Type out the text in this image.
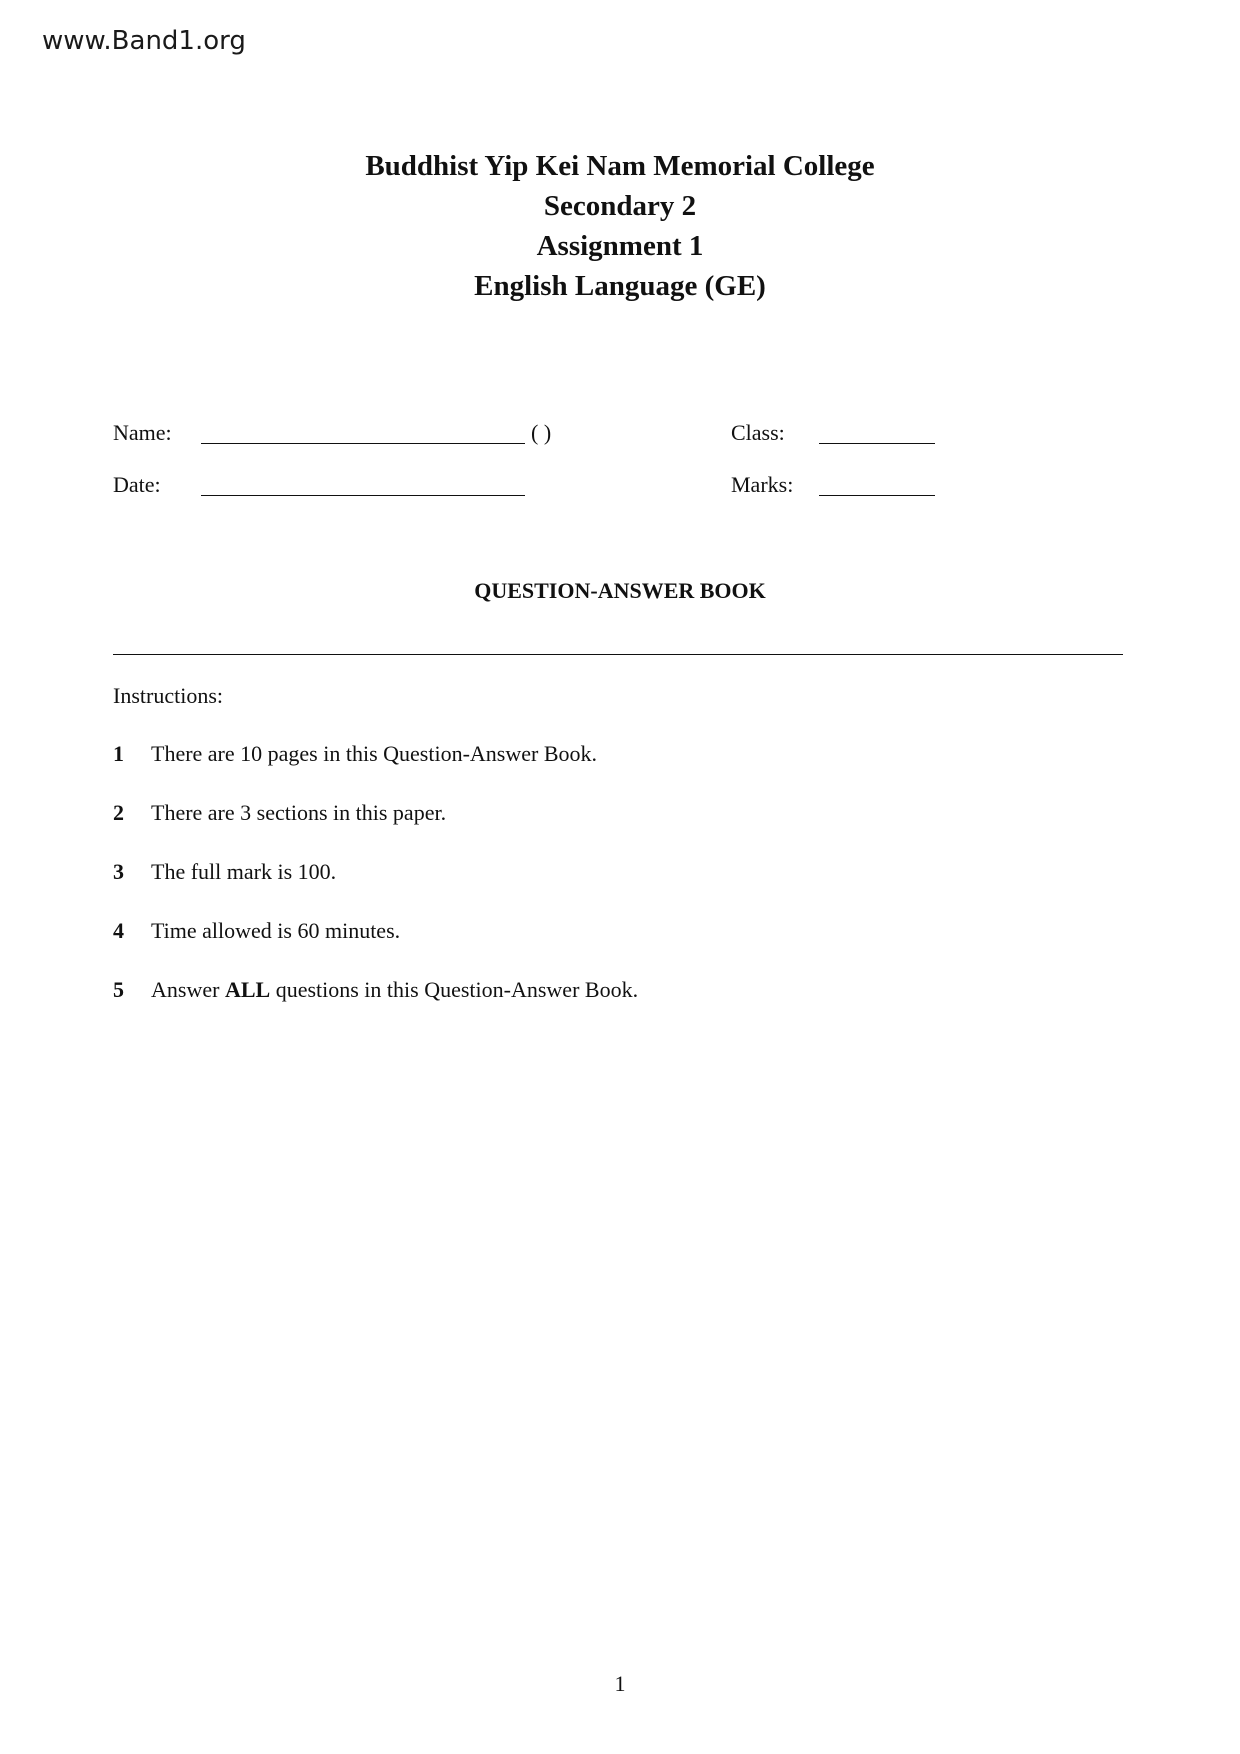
www.Band1.org
Buddhist Yip Kei Nam Memorial College
Secondary 2
Assignment 1
English Language (GE)
Name:	( )	Class:
Date:	Marks:
QUESTION-ANSWER BOOK
Instructions:
1	There are 10 pages in this Question-Answer Book.
2	There are 3 sections in this paper.
3	The full mark is 100.
4	Time allowed is 60 minutes.
5	Answer ALL questions in this Question-Answer Book.
1
